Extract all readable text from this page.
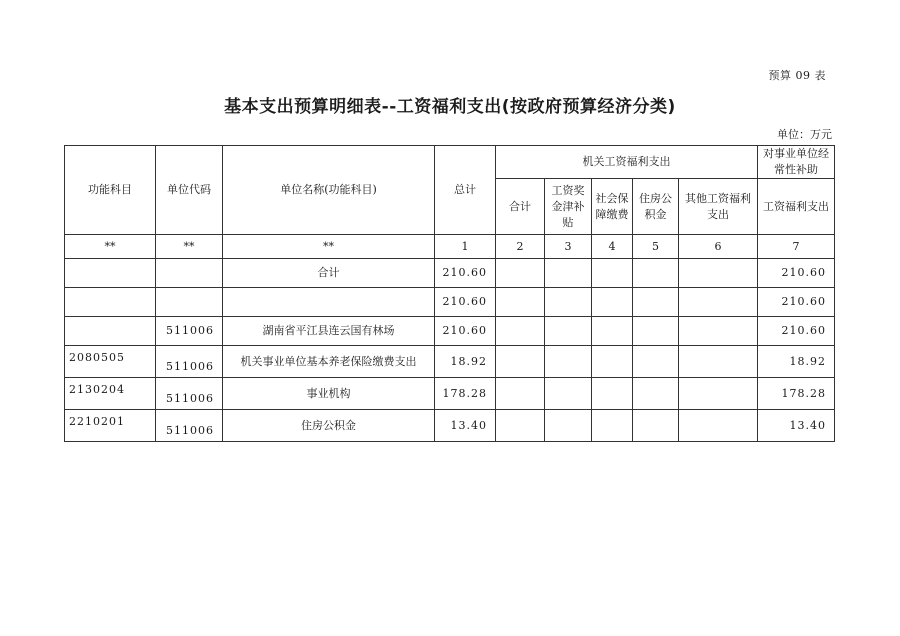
预算 09 表
基本支出预算明细表--工资福利支出(按政府预算经济分类)
单位：万元
功能科目	单位代码	单位名称(功能科目)	总计	机关工资福利支出					对事业单位经常性补助
				合计	工资奖金津补贴	社会保障缴费	住房公积金	其他工资福利支出	工资福利支出
**	**	**	1	2	3	4	5	6	7
		合计	210.60						210.60
			210.60						210.60
	511006	湖南省平江县连云国有林场	210.60						210.60
2080505	511006	机关事业单位基本养老保险缴费支出	18.92						18.92
2130204	511006	事业机构	178.28						178.28
2210201	511006	住房公积金	13.40						13.40
